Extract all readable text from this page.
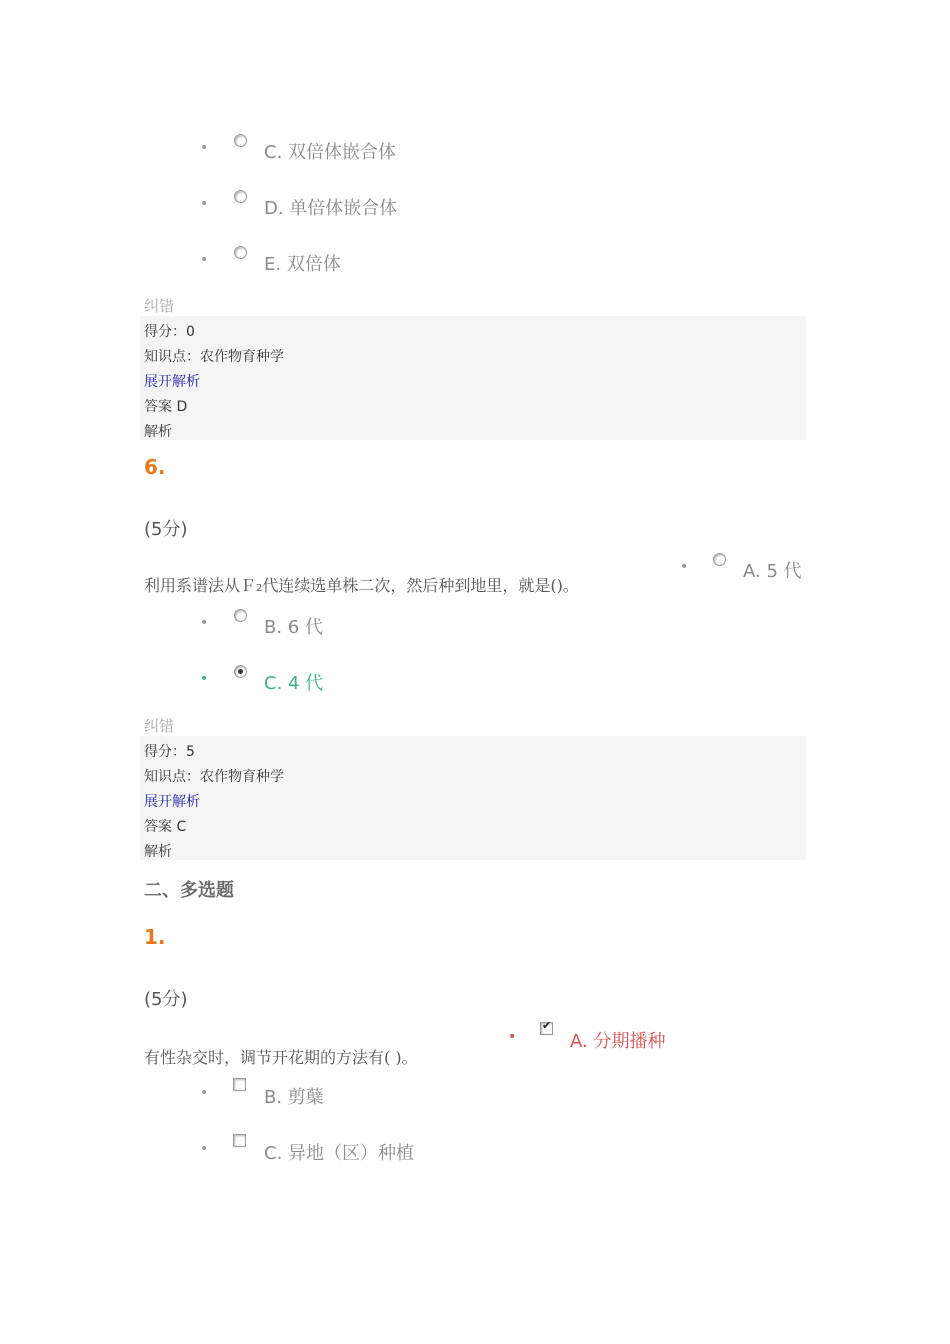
•	C. 双倍体嵌合体
•	D. 单倍体嵌合体
•	E. 双倍体
纠错
得分：0
知识点：农作物育种学
展开解析
答案 D
解析
6.
(5分)
利用系谱法从Ｆ₂代连续选单株二次，然后种到地里，就是()。
•	A. 5 代
•	B. 6 代
•	C. 4 代
纠错
得分：5
知识点：农作物育种学
展开解析
答案 C
解析
二、多选题
1.
(5分)
有性杂交时，调节开花期的方法有( )。
•
✔	A. 分期播种
•	B. 剪蘖
•	C. 异地（区）种植
